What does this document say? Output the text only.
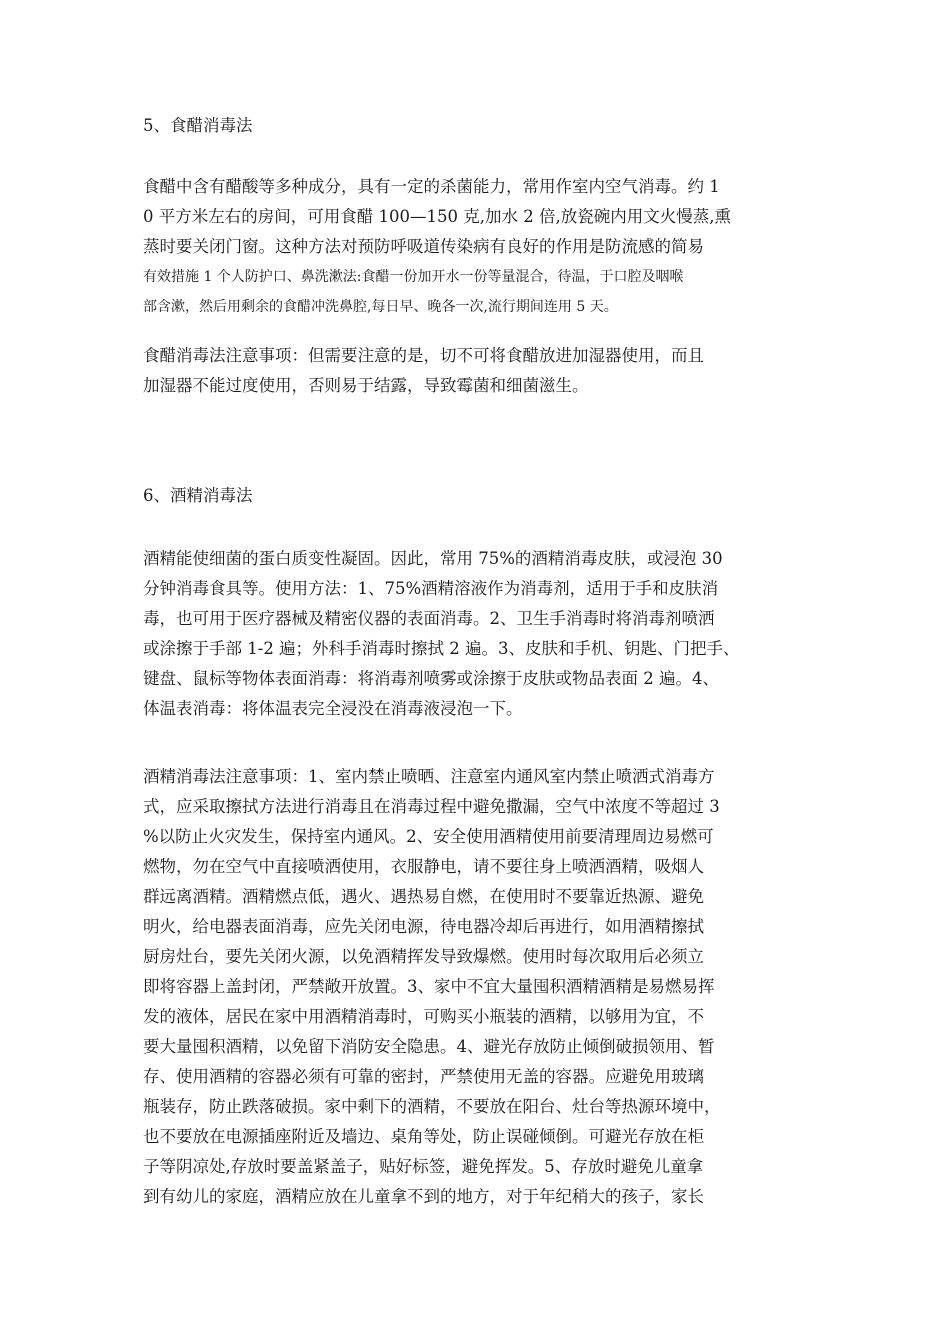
5、食醋消毒法
食醋中含有醋酸等多种成分，具有一定的杀菌能力，常用作室内空气消毒。约 1
0 平方米左右的房间，可用食醋 100—150 克,加水 2 倍,放瓷碗内用文火慢蒸,熏
蒸时要关闭门窗。这种方法对预防呼吸道传染病有良好的作用是防流感的简易
有效措施 1 个人防护口、鼻洗漱法:食醋一份加开水一份等量混合，待温，于口腔及咽喉
部含漱，然后用剩余的食醋冲洗鼻腔,每日早、晚各一次,流行期间连用 5 天。
食醋消毒法注意事项：但需要注意的是，切不可将食醋放进加湿器使用，而且
加湿器不能过度使用，否则易于结露，导致霉菌和细菌滋生。
6、酒精消毒法
酒精能使细菌的蛋白质变性凝固。因此，常用 75%的酒精消毒皮肤，或浸泡 30
分钟消毒食具等。使用方法：1、75%酒精溶液作为消毒剂，适用于手和皮肤消
毒，也可用于医疗器械及精密仪器的表面消毒。2、卫生手消毒时将消毒剂喷洒
或涂擦于手部 1-2 遍；外科手消毒时擦拭 2 遍。3、皮肤和手机、钥匙、门把手、
键盘、鼠标等物体表面消毒：将消毒剂喷雾或涂擦于皮肤或物品表面 2 遍。4、
体温表消毒：将体温表完全浸没在消毒液浸泡一下。
酒精消毒法注意事项：1、室内禁止喷晒、注意室内通风室内禁止喷洒式消毒方
式，应采取擦拭方法进行消毒且在消毒过程中避免撒漏，空气中浓度不等超过 3
%以防止火灾发生，保持室内通风。2、安全使用酒精使用前要清理周边易燃可
燃物，勿在空气中直接喷洒使用，衣服静电，请不要往身上喷洒酒精，吸烟人
群远离酒精。酒精燃点低，遇火、遇热易自燃，在使用时不要靠近热源、避免
明火，给电器表面消毒，应先关闭电源，待电器冷却后再进行，如用酒精擦拭
厨房灶台，要先关闭火源，以免酒精挥发导致爆燃。使用时每次取用后必须立
即将容器上盖封闭，严禁敞开放置。3、家中不宜大量囤积酒精酒精是易燃易挥
发的液体，居民在家中用酒精消毒时，可购买小瓶装的酒精，以够用为宜，不
要大量囤积酒精，以免留下消防安全隐患。4、避光存放防止倾倒破损领用、暂
存、使用酒精的容器必须有可靠的密封，严禁使用无盖的容器。应避免用玻璃
瓶装存，防止跌落破损。家中剩下的酒精，不要放在阳台、灶台等热源环境中，
也不要放在电源插座附近及墙边、桌角等处，防止误碰倾倒。可避光存放在柜
子等阴凉处,存放时要盖紧盖子，贴好标签，避免挥发。5、存放时避免儿童拿
到有幼儿的家庭，酒精应放在儿童拿不到的地方，对于年纪稍大的孩子，家长
